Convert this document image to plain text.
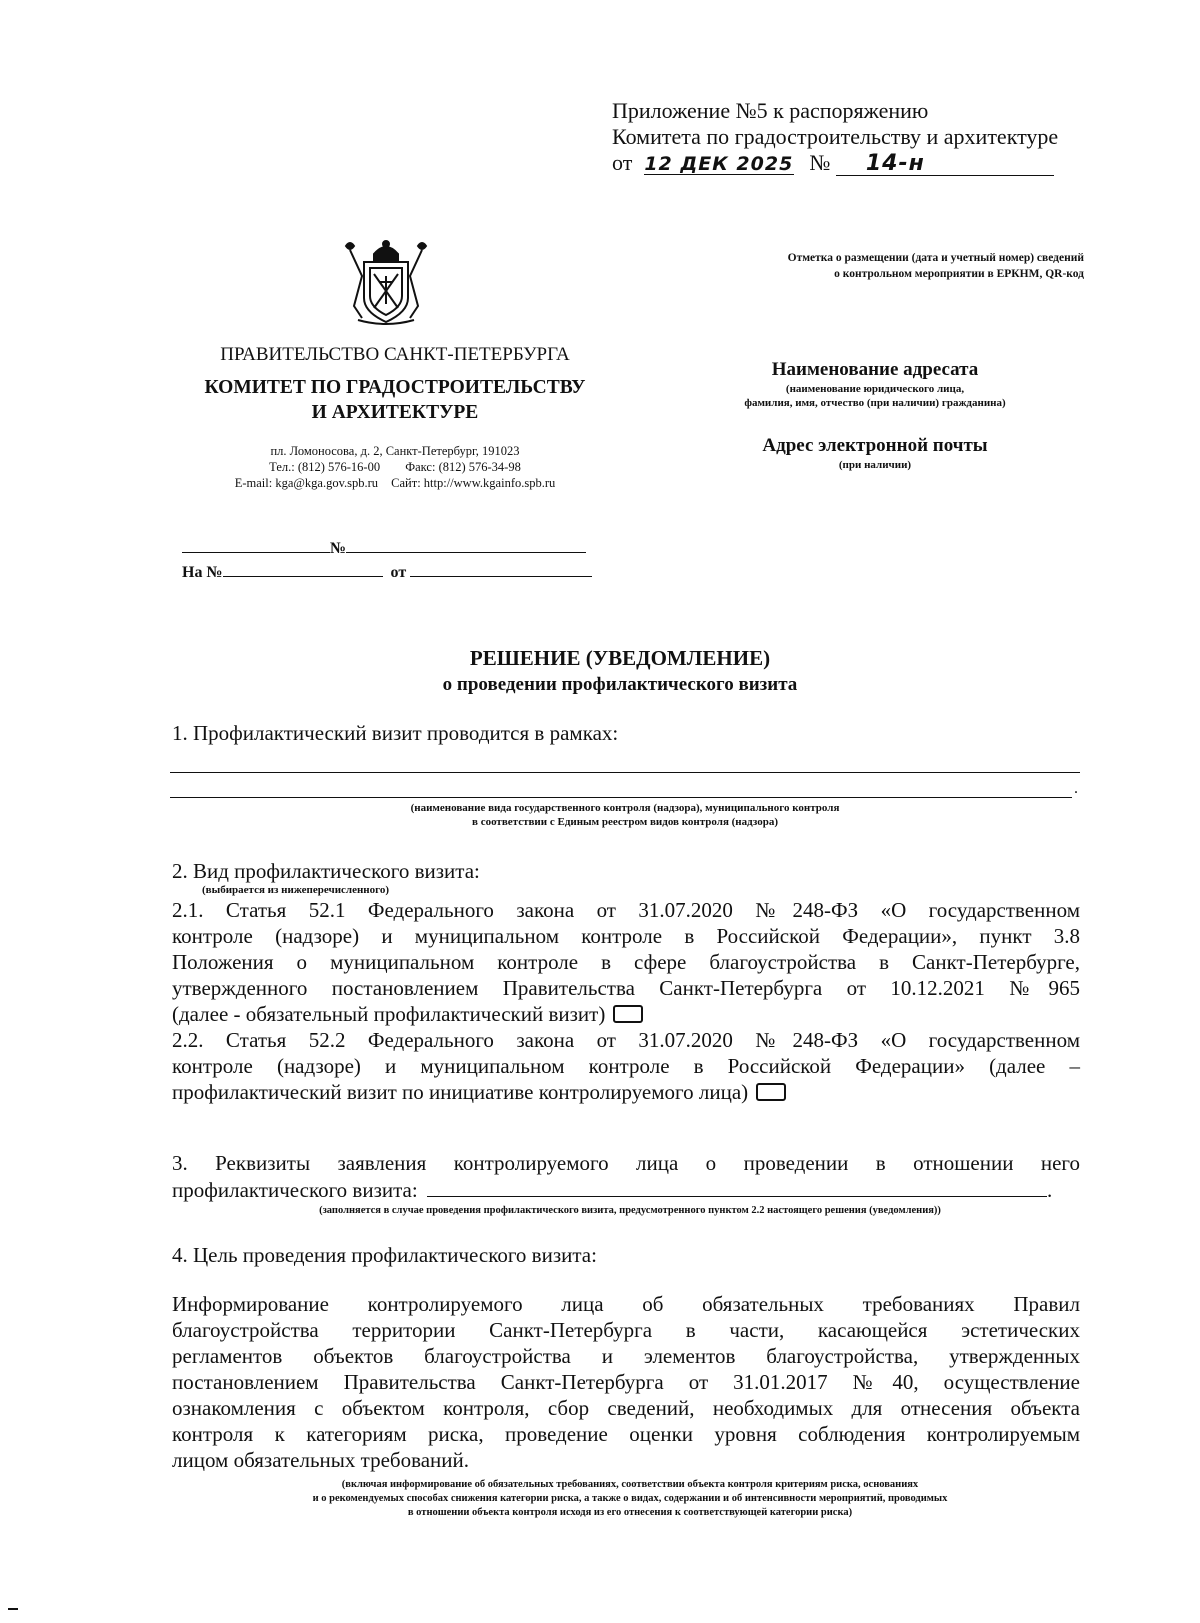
Приложение №5 к распоряжению
Комитета по градостроительству и архитектуре
от 12 ДЕК 2025 № 14-н
Отметка о размещении (дата и учетный номер) сведений
о контрольном мероприятии в ЕРКНМ, QR-код
ПРАВИТЕЛЬСТВО САНКТ-ПЕТЕРБУРГА
КОМИТЕТ ПО ГРАДОСТРОИТЕЛЬСТВУ
И АРХИТЕКТУРЕ
пл. Ломоносова, д. 2, Санкт-Петербург, 191023
Тел.: (812) 576-16-00 Факс: (812) 576-34-98
E-mail: kga@kga.gov.spb.ru Сайт: http://www.kgainfo.spb.ru
Наименование адресата
(наименование юридического лица,
фамилия, имя, отчество (при наличии) гражданина)
Адрес электронной почты
(при наличии)
№
На №	от
РЕШЕНИЕ (УВЕДОМЛЕНИЕ)
о проведении профилактического визита
1. Профилактический визит проводится в рамках:
.
(наименование вида государственного контроля (надзора), муниципального контроля
в соответствии с Единым реестром видов контроля (надзора)
2. Вид профилактического визита:
(выбирается из нижеперечисленного)
2.1. Статья 52.1 Федерального закона от 31.07.2020 №248-ФЗ «О государственном
контроле (надзоре) и муниципальном контроле в Российской Федерации», пункт 3.8
Положения о муниципальном контроле в сфере благоустройства в Санкт-Петербурге,
утвержденного постановлением Правительства Санкт-Петербурга от 10.12.2021 №965
(далее - обязательный профилактический визит)
2.2. Статья 52.2 Федерального закона от 31.07.2020 №248-ФЗ «О государственном
контроле (надзоре) и муниципальном контроле в Российской Федерации» (далее –
профилактический визит по инициативе контролируемого лица)
3. Реквизиты заявления контролируемого лица о проведении в отношении него
профилактического визита:	.
(заполняется в случае проведения профилактического визита, предусмотренного пунктом 2.2 настоящего решения (уведомления))
4. Цель проведения профилактического визита:
Информирование контролируемого лица об обязательных требованиях Правил
благоустройства территории Санкт-Петербурга в части, касающейся эстетических
регламентов объектов благоустройства и элементов благоустройства, утвержденных
постановлением Правительства Санкт-Петербурга от 31.01.2017 №40, осуществление
ознакомления с объектом контроля, сбор сведений, необходимых для отнесения объекта
контроля к категориям риска, проведение оценки уровня соблюдения контролируемым
лицом обязательных требований.
(включая информирование об обязательных требованиях, соответствии объекта контроля критериям риска, основаниях
и о рекомендуемых способах снижения категории риска, а также о видах, содержании и об интенсивности мероприятий, проводимых
в отношении объекта контроля исходя из его отнесения к соответствующей категории риска)
